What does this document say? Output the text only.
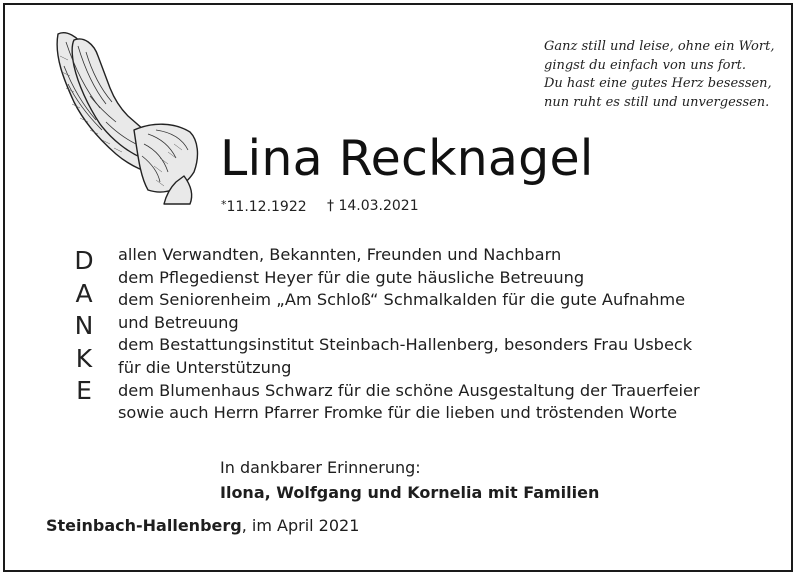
Ganz still und leise, ohne ein Wort,
gingst du einfach von uns fort.
Du hast eine gutes Herz besessen,
nun ruht es still und unvergessen.
Lina Recknagel
*11.12.1922 † 14.03.2021
D
A
N
K
E
allen Verwandten, Bekannten, Freunden und Nachbarn
dem Pflegedienst Heyer für die gute häusliche Betreuung
dem Seniorenheim „Am Schloß“ Schmalkalden für die gute Aufnahme
und Betreuung
dem Bestattungsinstitut Steinbach-Hallenberg, besonders Frau Usbeck
für die Unterstützung
dem Blumenhaus Schwarz für die schöne Ausgestaltung der Trauerfeier
sowie auch Herrn Pfarrer Fromke für die lieben und tröstenden Worte
In dankbarer Erinnerung:
Ilona, Wolfgang und Kornelia mit Familien
Steinbach-Hallenberg, im April 2021
